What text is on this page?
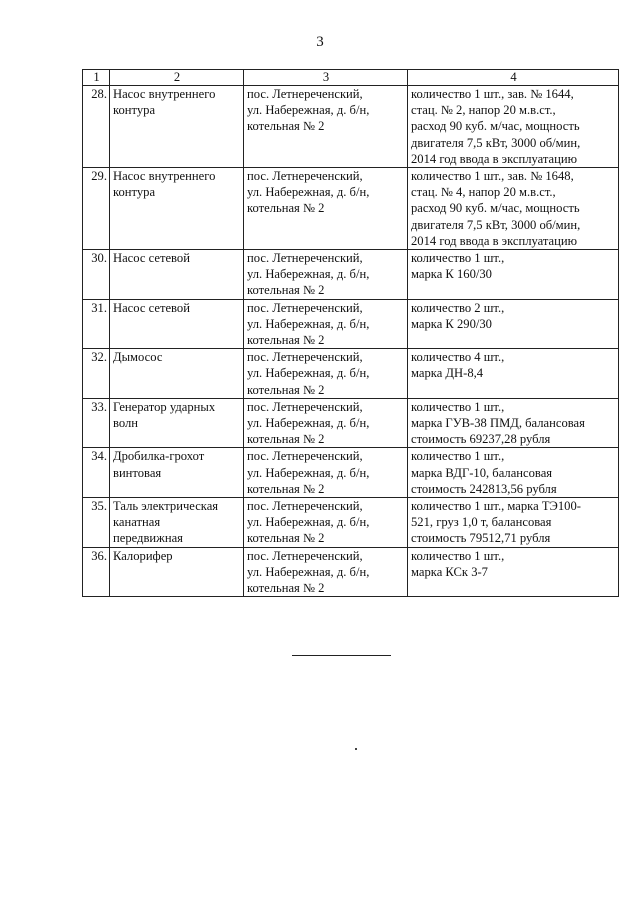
3
1	2	3	4
28.	Насос внутреннего
контура	пос. Летнереченский,
ул. Набережная, д. б/н,
котельная № 2	количество 1 шт., зав. № 1644,
стац. № 2, напор 20 м.в.ст.,
расход 90 куб. м/час, мощность
двигателя 7,5 кВт, 3000 об/мин,
2014 год ввода в эксплуатацию
29.	Насос внутреннего
контура	пос. Летнереченский,
ул. Набережная, д. б/н,
котельная № 2	количество 1 шт., зав. № 1648,
стац. № 4, напор 20 м.в.ст.,
расход 90 куб. м/час, мощность
двигателя 7,5 кВт, 3000 об/мин,
2014 год ввода в эксплуатацию
30.	Насос сетевой	пос. Летнереченский,
ул. Набережная, д. б/н,
котельная № 2	количество 1 шт.,
марка К 160/30
31.	Насос сетевой	пос. Летнереченский,
ул. Набережная, д. б/н,
котельная № 2	количество 2 шт.,
марка К 290/30
32.	Дымосос	пос. Летнереченский,
ул. Набережная, д. б/н,
котельная № 2	количество 4 шт.,
марка ДН-8,4
33.	Генератор ударных
волн	пос. Летнереченский,
ул. Набережная, д. б/н,
котельная № 2	количество 1 шт.,
марка ГУВ-38 ПМД, балансовая
стоимость 69237,28 рубля
34.	Дробилка-грохот
винтовая	пос. Летнереченский,
ул. Набережная, д. б/н,
котельная № 2	количество 1 шт.,
марка ВДГ-10, балансовая
стоимость 242813,56 рубля
35.	Таль электрическая
канатная
передвижная	пос. Летнереченский,
ул. Набережная, д. б/н,
котельная № 2	количество 1 шт., марка ТЭ100-
521, груз 1,0 т, балансовая
стоимость 79512,71 рубля
36.	Калорифер	пос. Летнереченский,
ул. Набережная, д. б/н,
котельная № 2	количество 1 шт.,
марка КСк 3-7
